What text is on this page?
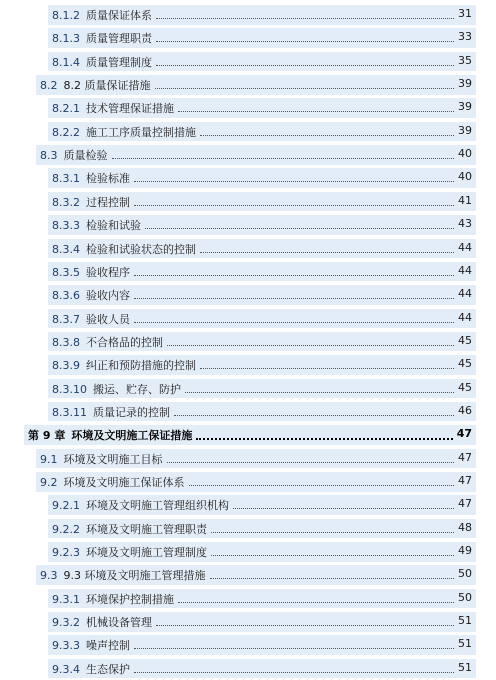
8.1.2 质量保证体系	31
8.1.3 质量管理职责	33
8.1.4 质量管理制度	35
8.2 8.2 质量保证措施	39
8.2.1 技术管理保证措施	39
8.2.2 施工工序质量控制措施	39
8.3 质量检验	40
8.3.1 检验标准	40
8.3.2 过程控制	41
8.3.3 检验和试验	43
8.3.4 检验和试验状态的控制	44
8.3.5 验收程序	44
8.3.6 验收内容	44
8.3.7 验收人员	44
8.3.8 不合格品的控制	45
8.3.9 纠正和预防措施的控制	45
8.3.10 搬运、贮存、防护	45
8.3.11 质量记录的控制	46
第 9 章 环境及文明施工保证措施	47
9.1 环境及文明施工目标	47
9.2 环境及文明施工保证体系	47
9.2.1 环境及文明施工管理组织机构	47
9.2.2 环境及文明施工管理职责	48
9.2.3 环境及文明施工管理制度	49
9.3 9.3 环境及文明施工管理措施	50
9.3.1 环境保护控制措施	50
9.3.2 机械设备管理	51
9.3.3 噪声控制	51
9.3.4 生态保护	51
